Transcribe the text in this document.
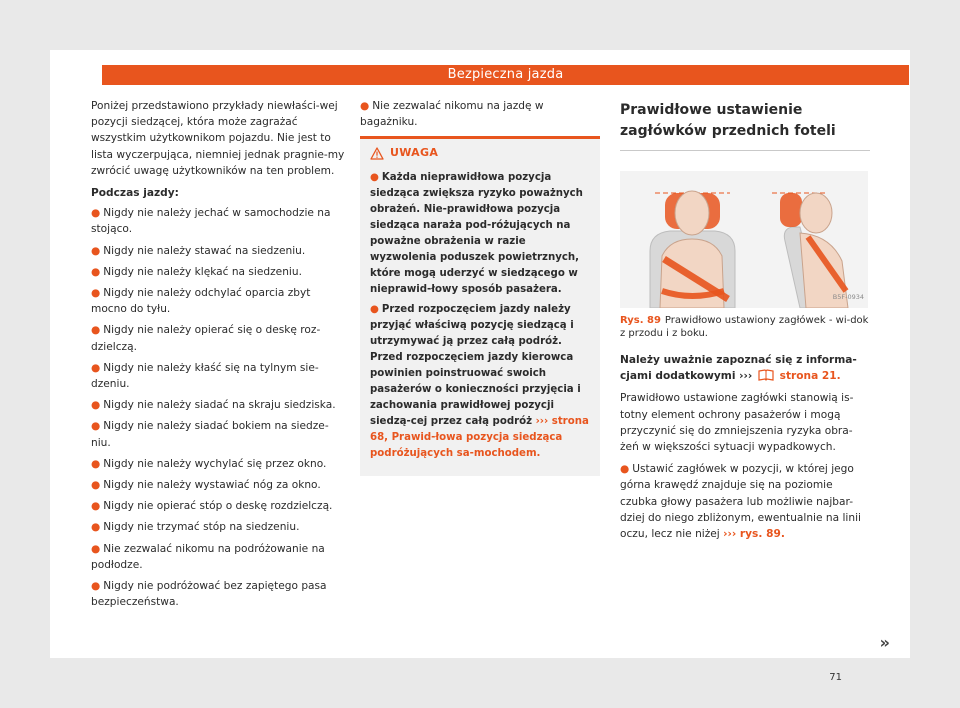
Bezpieczna jazda

Poniżej przedstawiono przykłady niewłaści-wej pozycji siedzącej, która może zagrażać wszystkim użytkownikom pojazdu. Nie jest to lista wyczerpująca, niemniej jednak pragnie-my zwrócić uwagę użytkowników na ten problem.

Podczas jazdy:

● Nigdy nie należy jechać w samochodzie na stojąco.
● Nigdy nie należy stawać na siedzeniu.
● Nigdy nie należy klękać na siedzeniu.
● Nigdy nie należy odchylać oparcia zbyt mocno do tyłu.
● Nigdy nie należy opierać się o deskę roz-dzielczą.
● Nigdy nie należy kłaść się na tylnym sie-dzeniu.
● Nigdy nie należy siadać na skraju siedziska.
● Nigdy nie należy siadać bokiem na siedze-niu.
● Nigdy nie należy wychylać się przez okno.
● Nigdy nie należy wystawiać nóg za okno.
● Nigdy nie opierać stóp o deskę rozdzielczą.
● Nigdy nie trzymać stóp na siedzeniu.
● Nie zezwalać nikomu na podróżowanie na podłodze.
● Nigdy nie podróżować bez zapiętego pasa bezpieczeństwa.
● Nie zezwalać nikomu na jazdę w bagażniku.
UWAGA
● Każda nieprawidłowa pozycja siedząca zwiększa ryzyko poważnych obrażeń. Nie-prawidłowa pozycja siedząca naraża pod-różujących na poważne obrażenia w razie wyzwolenia poduszek powietrznych, które mogą uderzyć w siedzącego w nieprawid-łowy sposób pasażera.
● Przed rozpoczęciem jazdy należy przyjąć właściwą pozycję siedzącą i utrzymywać ją przez całą podróż. Przed rozpoczęciem jazdy kierowca powinien poinstruować swoich pasażerów o konieczności przyjęcia i zachowania prawidłowej pozycji siedzą-cej przez całą podróż ››› strona 68, Prawid-łowa pozycja siedząca podróżujących sa-mochodem.
Prawidłowe ustawienie zagłówków przednich foteli
B5F-0934
Rys. 89 Prawidłowo ustawiony zagłówek - wi-dok z przodu i z boku.

Należy uważnie zapoznać się z informa-cjami dodatkowymi ›››	strona 21.

Prawidłowo ustawione zagłówki stanowią is-totny element ochrony pasażerów i mogą przyczynić się do zmniejszenia ryzyka obra-żeń w większości sytuacji wypadkowych.

● Ustawić zagłówek w pozycji, w której jego górna krawędź znajduje się na poziomie czubka głowy pasażera lub możliwie najbar-dziej do niego zbliżonym, ewentualnie na linii oczu, lecz nie niżej ››› rys. 89.
»
71
